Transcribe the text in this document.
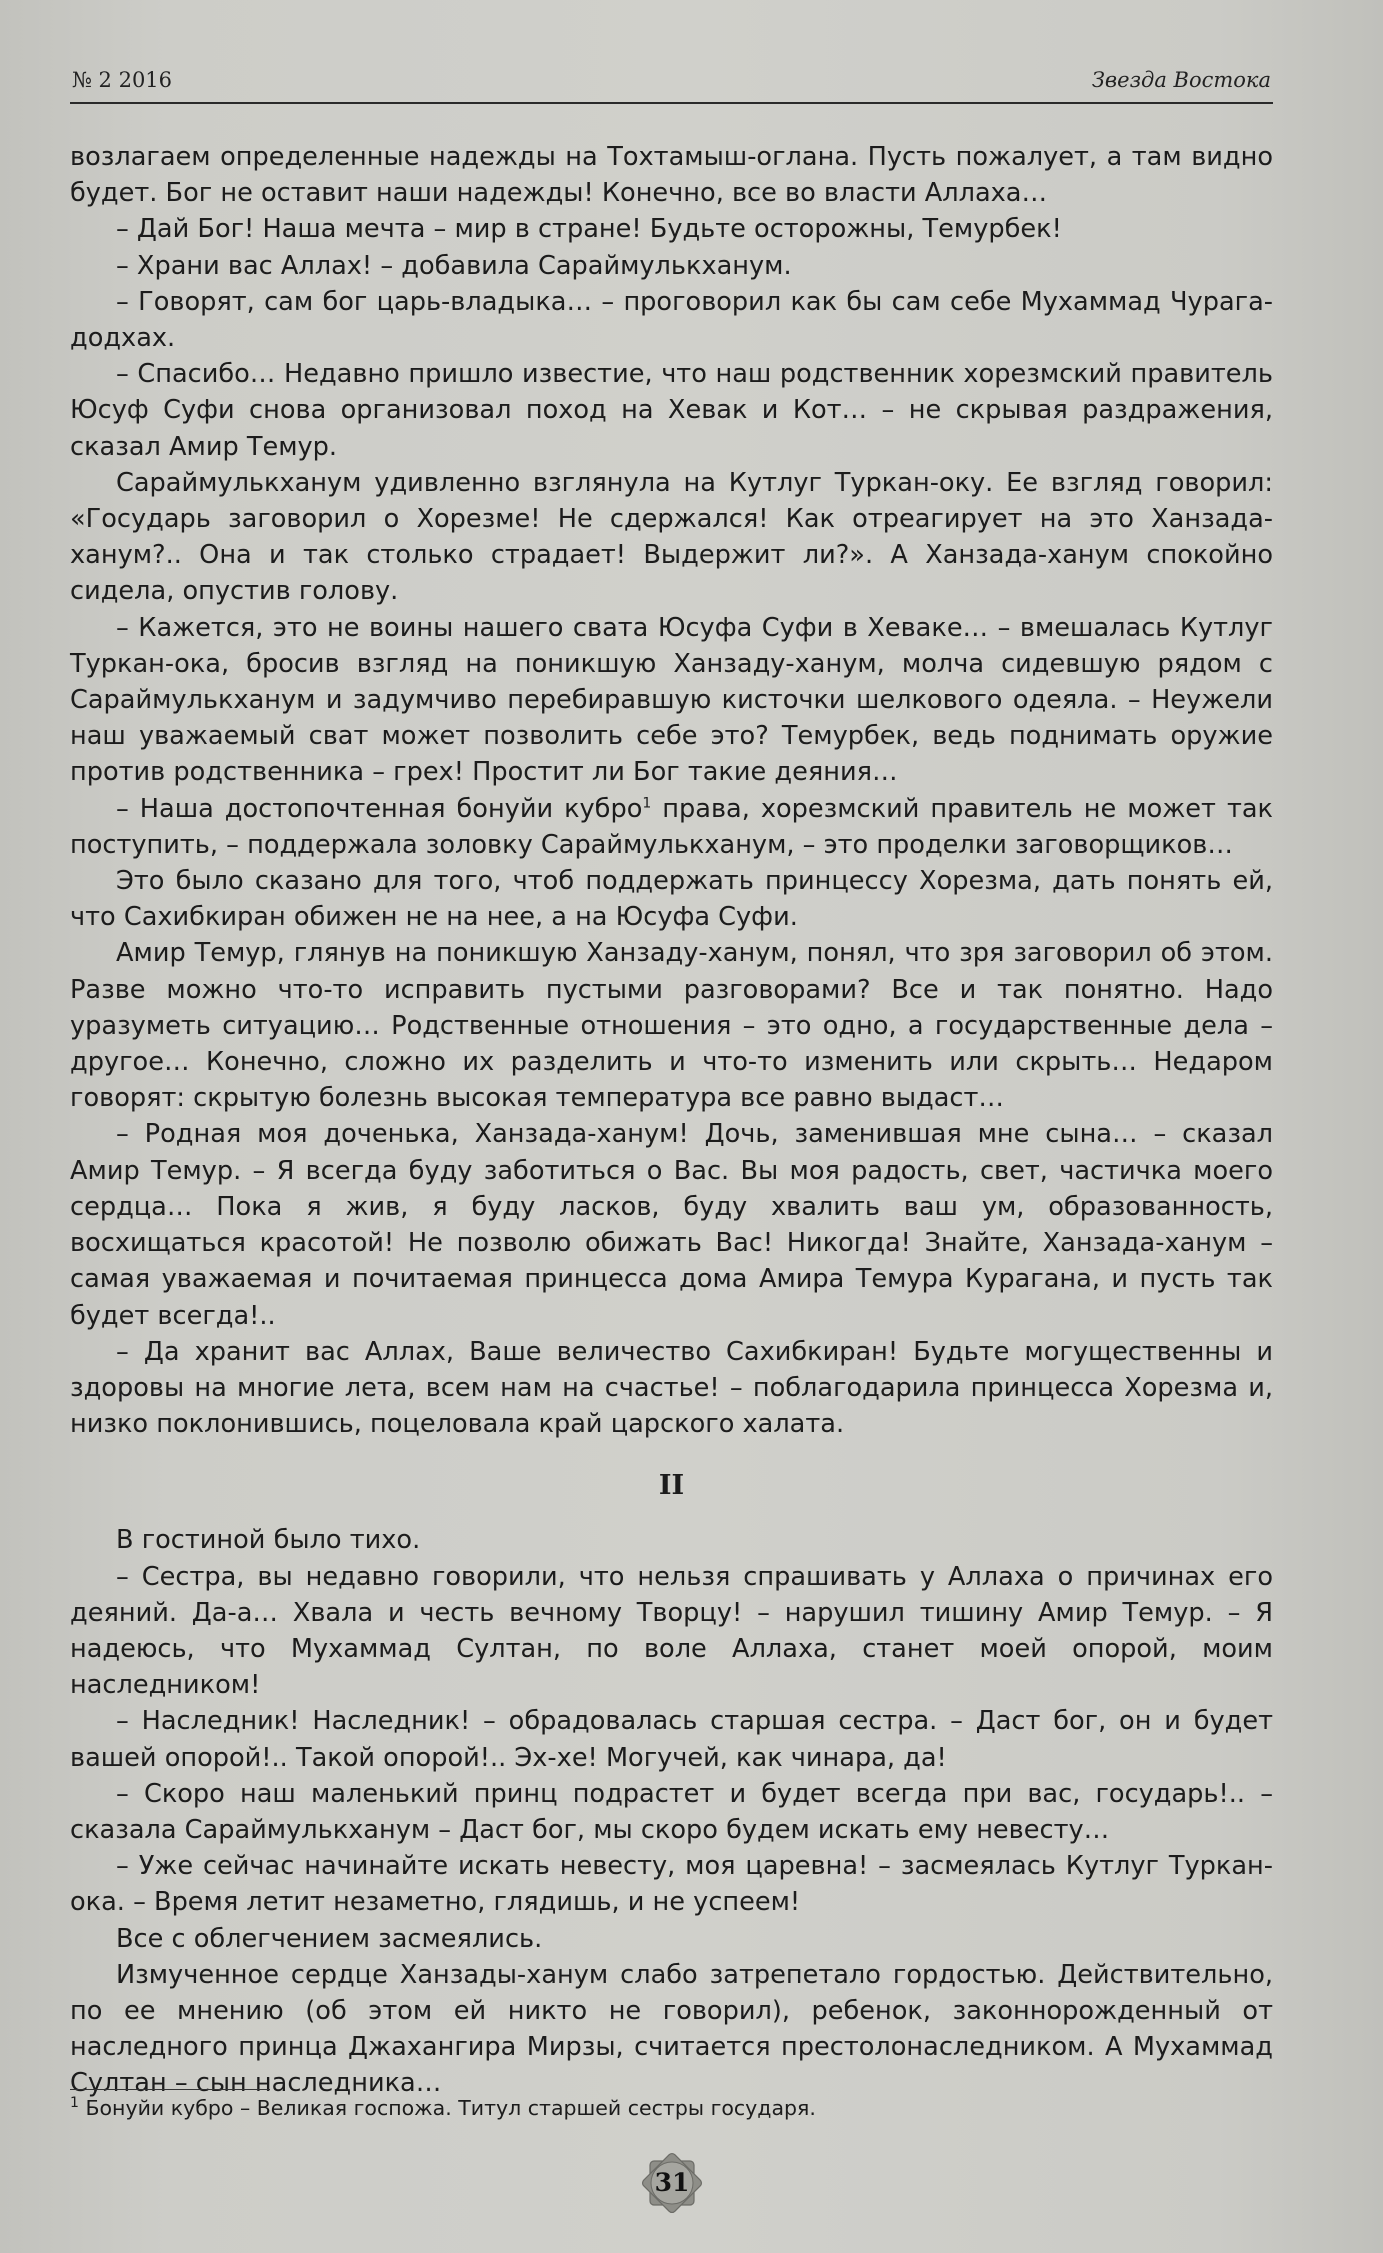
№ 2 2016	Звезда Востока

возлагаем определенные надежды на Тохтамыш-оглана. Пусть пожалует, а там видно будет. Бог не оставит наши надежды! Конечно, все во власти Аллаха…

– Дай Бог! Наша мечта – мир в стране! Будьте осторожны, Темурбек!

– Храни вас Аллах! – добавила Сараймулькханум.

– Говорят, сам бог царь-владыка… – проговорил как бы сам себе Мухаммад Чурага-додхах.

– Спасибо… Недавно пришло известие, что наш родственник хорезмский правитель Юсуф Суфи снова организовал поход на Хевак и Кот… – не скрывая раздражения, сказал Амир Темур.

Сараймулькханум удивленно взглянула на Кутлуг Туркан-оку. Ее взгляд говорил: «Государь заговорил о Хорезме! Не сдержался! Как отреагирует на это Ханзада-ханум?.. Она и так столько страдает! Выдержит ли?». А Ханзада-ханум спокойно сидела, опустив голову.

– Кажется, это не воины нашего свата Юсуфа Суфи в Хеваке… – вмешалась Кутлуг Туркан-ока, бросив взгляд на поникшую Ханзаду-ханум, молча сидевшую рядом с Сараймулькханум и задумчиво перебиравшую кисточки шелкового одеяла. – Неужели наш уважаемый сват может позволить себе это? Темурбек, ведь поднимать оружие против родственника – грех! Простит ли Бог такие деяния…

– Наша достопочтенная бонуйи кубро$^1$ права, хорезмский правитель не может так поступить, – поддержала золовку Сараймулькханум, – это проделки заговорщиков…

Это было сказано для того, чтоб поддержать принцессу Хорезма, дать понять ей, что Сахибкиран обижен не на нее, а на Юсуфа Суфи.

Амир Темур, глянув на поникшую Ханзаду-ханум, понял, что зря заговорил об этом. Разве можно что-то исправить пустыми разговорами? Все и так понятно. Надо уразуметь ситуацию… Родственные отношения – это одно, а государственные дела – другое… Конечно, сложно их разделить и что-то изменить или скрыть… Недаром говорят: скрытую болезнь высокая температура все равно выдаст…

– Родная моя доченька, Ханзада-ханум! Дочь, заменившая мне сына… – сказал Амир Темур. – Я всегда буду заботиться о Вас. Вы моя радость, свет, частичка моего сердца… Пока я жив, я буду ласков, буду хвалить ваш ум, образованность, восхищаться красотой! Не позволю обижать Вас! Никогда! Знайте, Ханзада-ханум – самая уважаемая и почитаемая принцесса дома Амира Темура Курагана, и пусть так будет всегда!..

– Да хранит вас Аллах, Ваше величество Сахибкиран! Будьте могущественны и здоровы на многие лета, всем нам на счастье! – поблагодарила принцесса Хорезма и, низко поклонившись, поцеловала край царского халата.

II

В гостиной было тихо.

– Сестра, вы недавно говорили, что нельзя спрашивать у Аллаха о причинах его деяний. Да-а… Хвала и честь вечному Творцу! – нарушил тишину Амир Темур. – Я надеюсь, что Мухаммад Султан, по воле Аллаха, станет моей опорой, моим наследником!

– Наследник! Наследник! – обрадовалась старшая сестра. – Даст бог, он и будет вашей опорой!.. Такой опорой!.. Эх-хе! Могучей, как чинара, да!

– Скоро наш маленький принц подрастет и будет всегда при вас, государь!.. – сказала Сараймулькханум – Даст бог, мы скоро будем искать ему невесту…

– Уже сейчас начинайте искать невесту, моя царевна! – засмеялась Кутлуг Туркан-ока. – Время летит незаметно, глядишь, и не успеем!

Все с облегчением засмеялись.

Измученное сердце Ханзады-ханум слабо затрепетало гордостью. Действительно, по ее мнению (об этом ей никто не говорил), ребенок, законнорожденный от наследного принца Джахангира Мирзы, считается престолонаследником. А Мухаммад Султан – сын наследника…

$^1$ Бонуйи кубро – Великая госпожа. Титул старшей сестры государя.
31
